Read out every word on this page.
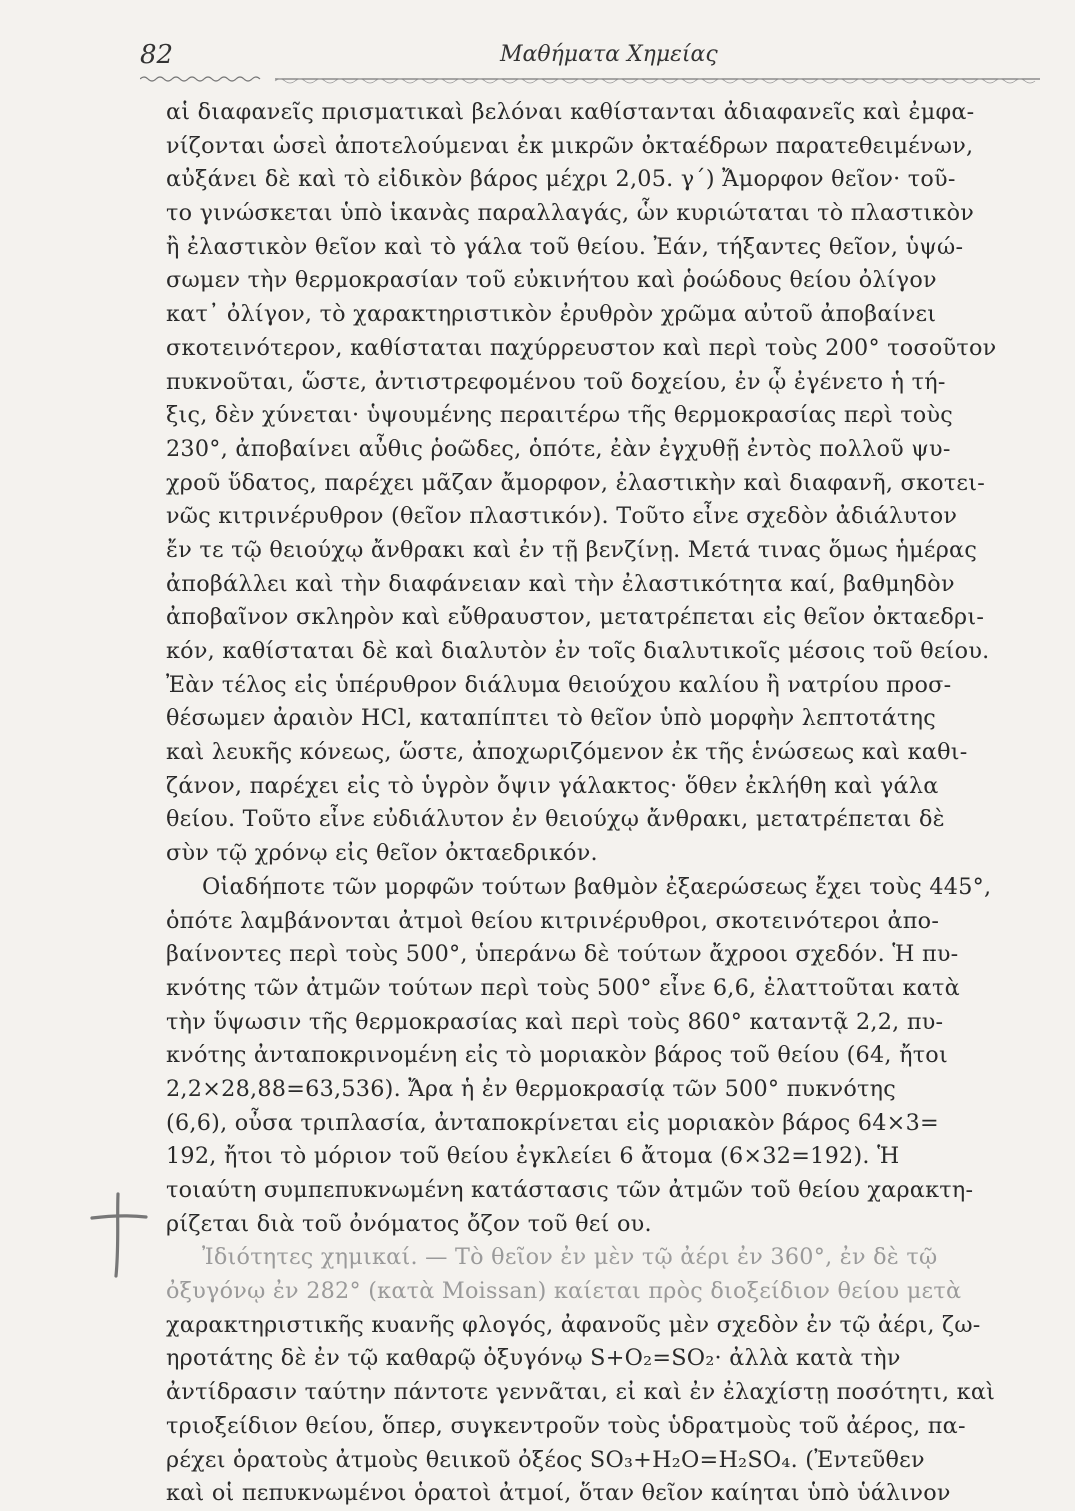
82	Μαθήματα Χημείας
αἱ διαφανεῖς πρισματικαὶ βελόναι καθίστανται ἀδιαφανεῖς καὶ ἐμφα-
νίζονται ὡσεὶ ἀποτελούμεναι ἐκ μικρῶν ὀκταέδρων παρατεθειμένων,
αὐξάνει δὲ καὶ τὸ εἰδικὸν βάρος μέχρι 2,05. γ΄) Ἄμορφον θεῖον· τοῦ-
το γινώσκεται ὑπὸ ἱκανὰς παραλλαγάς, ὧν κυριώταται τὸ πλαστικὸν
ἢ ἐλαστικὸν θεῖον καὶ τὸ γάλα τοῦ θείου. Ἐάν, τήξαντες θεῖον, ὑψώ-
σωμεν τὴν θερμοκρασίαν τοῦ εὐκινήτου καὶ ῥοώδους θείου ὀλίγον
κατ᾿ ὀλίγον, τὸ χαρακτηριστικὸν ἐρυθρὸν χρῶμα αὐτοῦ ἀποβαίνει
σκοτεινότερον, καθίσταται παχύρρευστον καὶ περὶ τοὺς 200° τοσοῦτον
πυκνοῦται, ὥστε, ἀντιστρεφομένου τοῦ δοχείου, ἐν ᾧ ἐγένετο ἡ τή-
ξις, δὲν χύνεται· ὑψουμένης περαιτέρω τῆς θερμοκρασίας περὶ τοὺς
230°, ἀποβαίνει αὖθις ῥοῶδες, ὁπότε, ἐὰν ἐγχυθῇ ἐντὸς πολλοῦ ψυ-
χροῦ ὕδατος, παρέχει μᾶζαν ἄμορφον, ἐλαστικὴν καὶ διαφανῆ, σκοτει-
νῶς κιτρινέρυθρον (θεῖον πλαστικόν). Τοῦτο εἶνε σχεδὸν ἀδιάλυτον
ἔν τε τῷ θειούχῳ ἄνθρακι καὶ ἐν τῇ βενζίνῃ. Μετά τινας ὅμως ἡμέρας
ἀποβάλλει καὶ τὴν διαφάνειαν καὶ τὴν ἐλαστικότητα καί, βαθμηδὸν
ἀποβαῖνον σκληρὸν καὶ εὔθραυστον, μετατρέπεται εἰς θεῖον ὀκταεδρι-
κόν, καθίσταται δὲ καὶ διαλυτὸν ἐν τοῖς διαλυτικοῖς μέσοις τοῦ θείου.
Ἐὰν τέλος εἰς ὑπέρυθρον διάλυμα θειούχου καλίου ἢ νατρίου προσ-
θέσωμεν ἀραιὸν HCl, καταπίπτει τὸ θεῖον ὑπὸ μορφὴν λεπτοτάτης
καὶ λευκῆς κόνεως, ὥστε, ἀποχωριζόμενον ἐκ τῆς ἑνώσεως καὶ καθι-
ζάνον, παρέχει εἰς τὸ ὑγρὸν ὄψιν γάλακτος· ὅθεν ἐκλήθη καὶ γάλα
θείου. Τοῦτο εἶνε εὐδιάλυτον ἐν θειούχῳ ἄνθρακι, μετατρέπεται δὲ
σὺν τῷ χρόνῳ εἰς θεῖον ὀκταεδρικόν.
Οἱαδήποτε τῶν μορφῶν τούτων βαθμὸν ἐξαερώσεως ἔχει τοὺς 445°,
ὁπότε λαμβάνονται ἀτμοὶ θείου κιτρινέρυθροι, σκοτεινότεροι ἀπο-
βαίνοντες περὶ τοὺς 500°, ὑπεράνω δὲ τούτων ἄχροοι σχεδόν. Ἡ πυ-
κνότης τῶν ἀτμῶν τούτων περὶ τοὺς 500° εἶνε 6,6, ἐλαττοῦται κατὰ
τὴν ὕψωσιν τῆς θερμοκρασίας καὶ περὶ τοὺς 860° καταντᾷ 2,2, πυ-
κνότης ἀνταποκρινομένη εἰς τὸ μοριακὸν βάρος τοῦ θείου (64, ἤτοι
2,2×28,88=63,536). Ἄρα ἡ ἐν θερμοκρασίᾳ τῶν 500° πυκνότης
(6,6), οὖσα τριπλασία, ἀνταποκρίνεται εἰς μοριακὸν βάρος 64×3=
192, ἤτοι τὸ μόριον τοῦ θείου ἐγκλείει 6 ἄτομα (6×32=192). Ἡ
τοιαύτη συμπεπυκνωμένη κατάστασις τῶν ἀτμῶν τοῦ θείου χαρακτη-
ρίζεται διὰ τοῦ ὀνόματος ὄζον τοῦ θεί ου.
Ἰδιότητες χημικαί. — Τὸ θεῖον ἐν μὲν τῷ ἀέρι ἐν 360°, ἐν δὲ τῷ
ὀξυγόνῳ ἐν 282° (κατὰ Moissan) καίεται πρὸς διοξείδιον θείου μετὰ
χαρακτηριστικῆς κυανῆς φλογός, ἀφανοῦς μὲν σχεδὸν ἐν τῷ ἀέρι, ζω-
ηροτάτης δὲ ἐν τῷ καθαρῷ ὀξυγόνῳ S+O₂=SO₂· ἀλλὰ κατὰ τὴν
ἀντίδρασιν ταύτην πάντοτε γεννᾶται, εἰ καὶ ἐν ἐλαχίστῃ ποσότητι, καὶ
τριοξείδιον θείου, ὅπερ, συγκεντροῦν τοὺς ὑδρατμοὺς τοῦ ἀέρος, πα-
ρέχει ὁρατοὺς ἀτμοὺς θειικοῦ ὀξέος SO₃+H₂O=H₂SO₄. (Ἐντεῦθεν
καὶ οἱ πεπυκνωμένοι ὁρατοὶ ἀτμοί, ὅταν θεῖον καίηται ὑπὸ ὑάλινον
